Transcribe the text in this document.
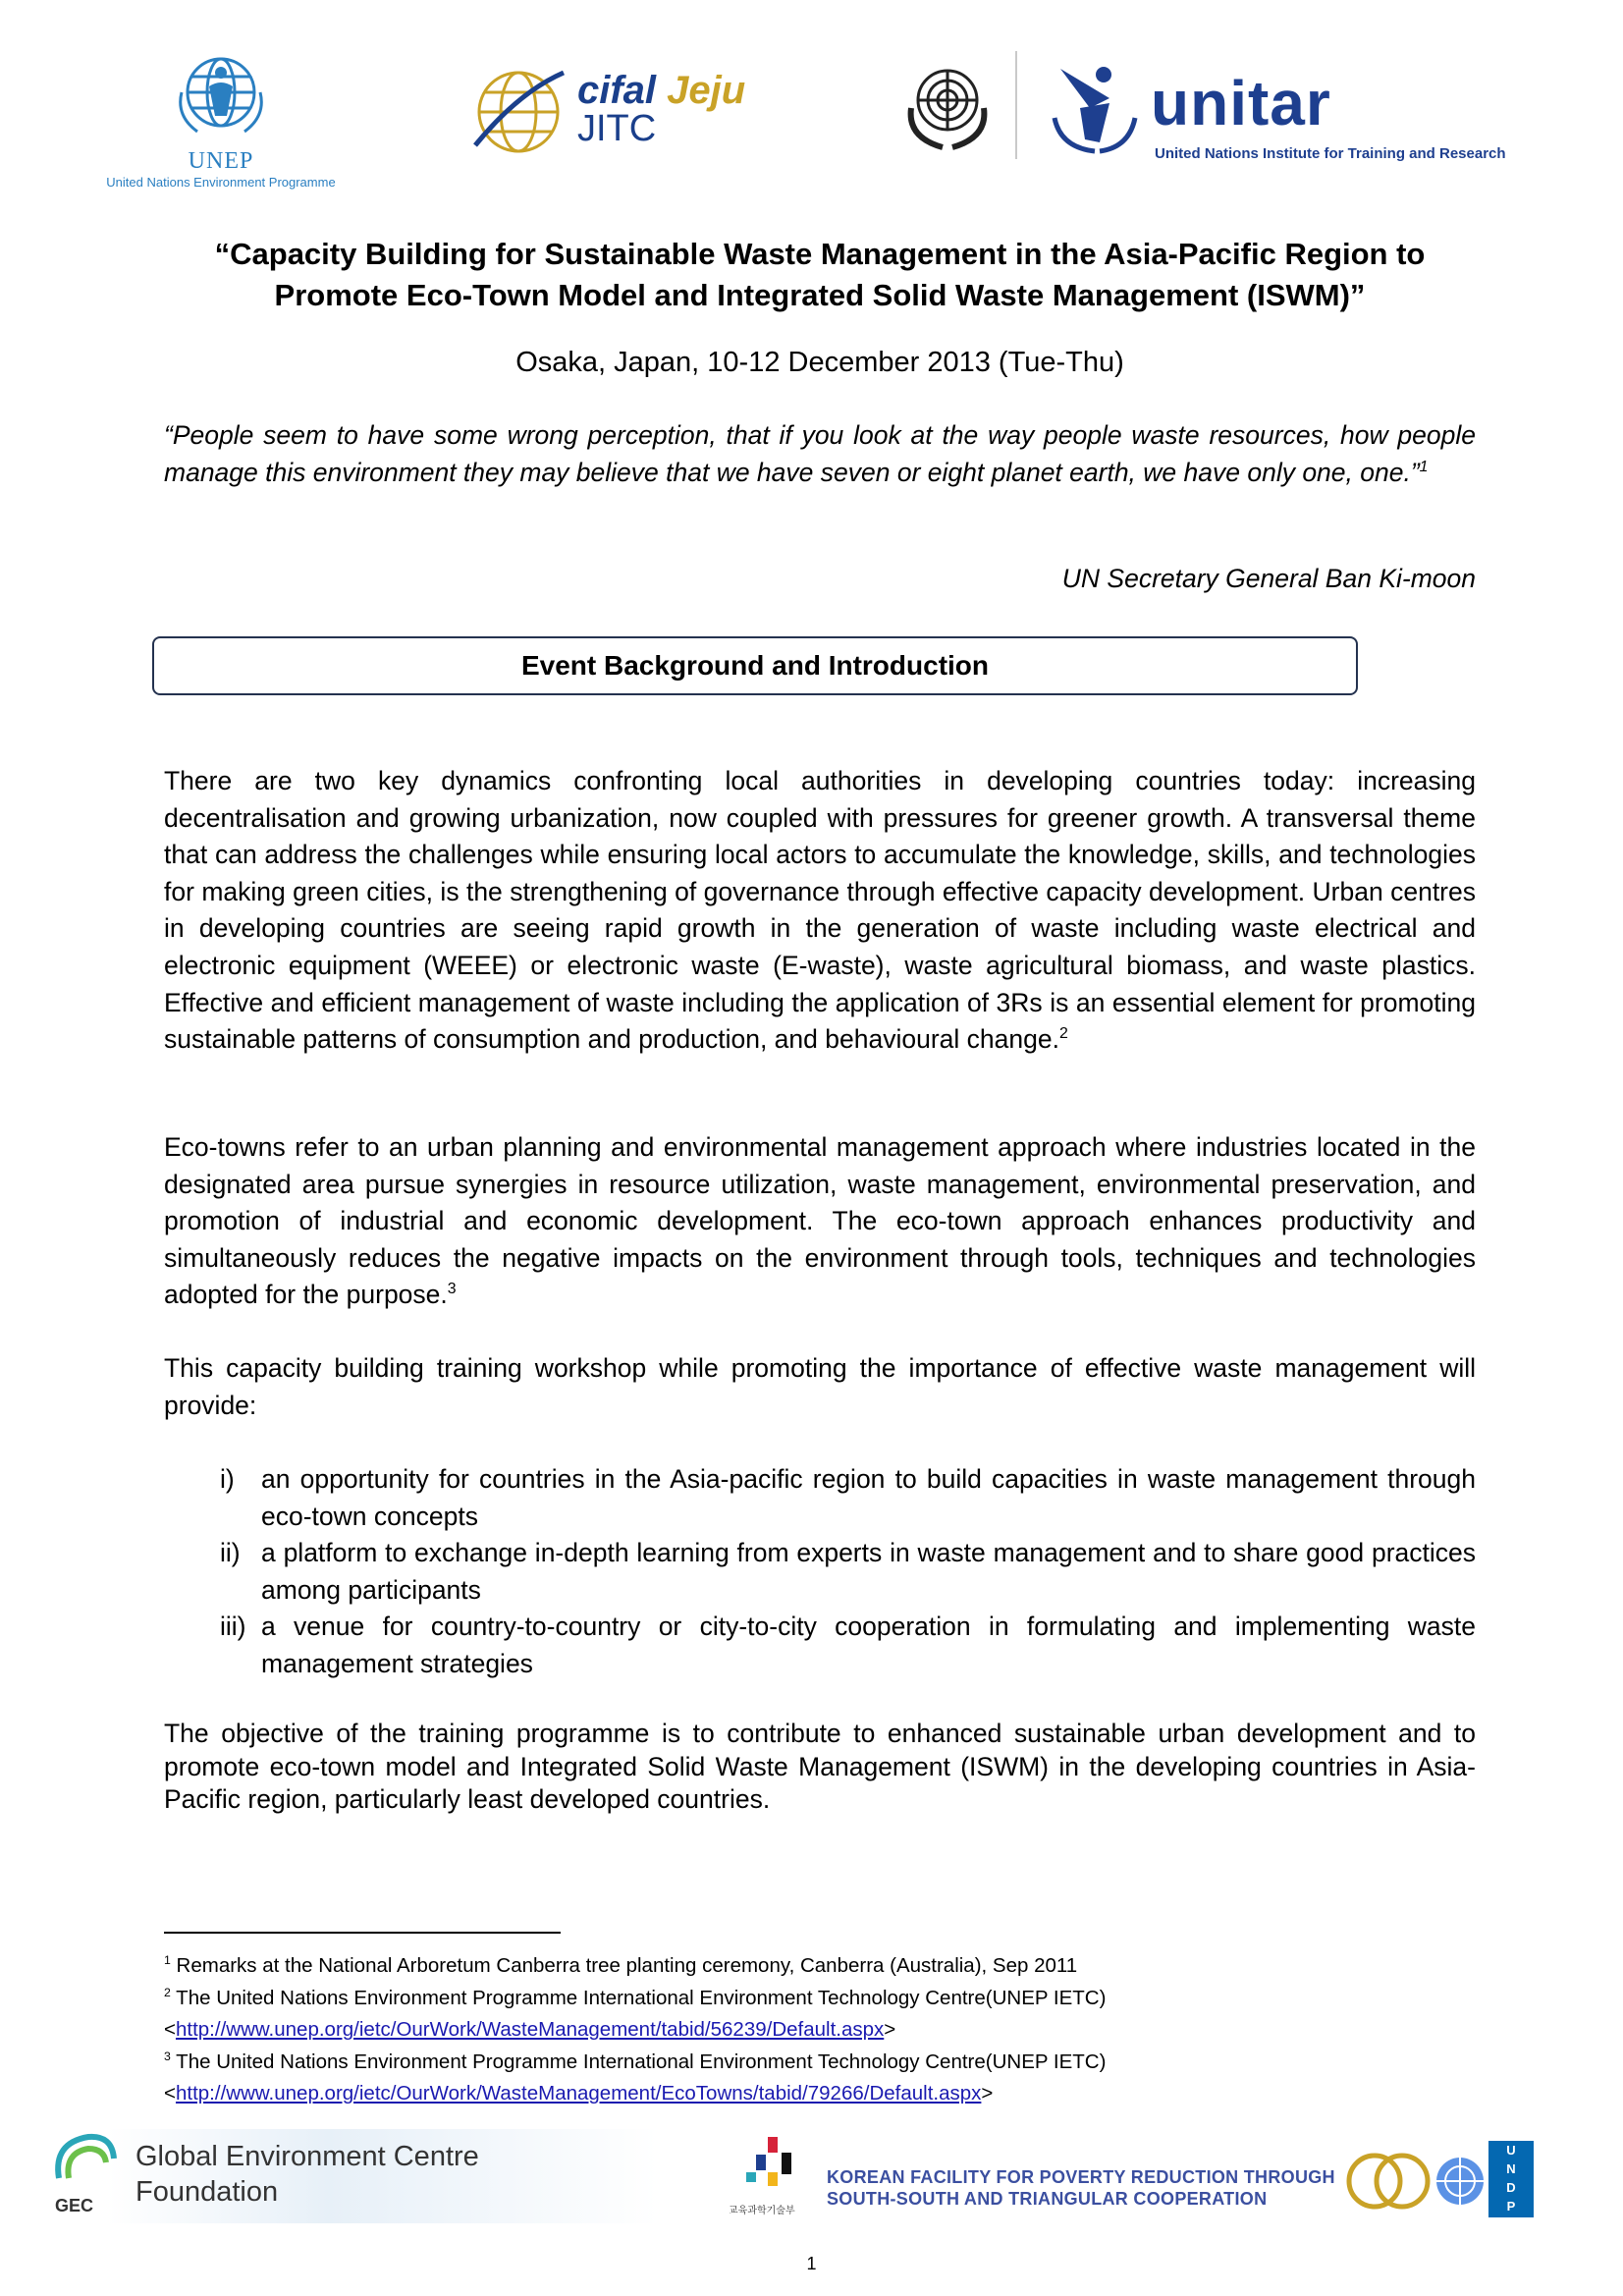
UNEP
United Nations Environment Programme
cifal Jeju
JITC	unitar
United Nations Institute for Training and Research
“Capacity Building for Sustainable Waste Management in the Asia-Pacific Region to Promote Eco-Town Model and Integrated Solid Waste Management (ISWM)”
Osaka, Japan, 10-12 December 2013 (Tue-Thu)
“People seem to have some wrong perception, that if you look at the way people waste resources, how people manage this environment they may believe that we have seven or eight planet earth, we have only one, one.”$^1$
UN Secretary General Ban Ki-moon
Event Background and Introduction

There are two key dynamics confronting local authorities in developing countries today: increasing decentralisation and growing urbanization, now coupled with pressures for greener growth. A transversal theme that can address the challenges while ensuring local actors to accumulate the knowledge, skills, and technologies for making green cities, is the strengthening of governance through effective capacity development. Urban centres in developing countries are seeing rapid growth in the generation of waste including waste electrical and electronic equipment (WEEE) or electronic waste (E-waste), waste agricultural biomass, and waste plastics. Effective and efficient management of waste including the application of 3Rs is an essential element for promoting sustainable patterns of consumption and production, and behavioural change.$^2$

Eco-towns refer to an urban planning and environmental management approach where industries located in the designated area pursue synergies in resource utilization, waste management, environmental preservation, and promotion of industrial and economic development. The eco-town approach enhances productivity and simultaneously reduces the negative impacts on the environment through tools, techniques and technologies adopted for the purpose.$^3$

This capacity building training workshop while promoting the importance of effective waste management will provide:

i) an opportunity for countries in the Asia-pacific region to build capacities in waste management through eco-town concepts
ii) a platform to exchange in-depth learning from experts in waste management and to share good practices among participants
iii) a venue for country-to-country or city-to-city cooperation in formulating and implementing waste management strategies

The objective of the training programme is to contribute to enhanced sustainable urban development and to promote eco-town model and Integrated Solid Waste Management (ISWM) in the developing countries in Asia-Pacific region, particularly least developed countries.

$^1$ Remarks at the National Arboretum Canberra tree planting ceremony, Canberra (Australia), Sep 2011
$^2$ The United Nations Environment Programme International Environment Technology Centre(UNEP IETC)
<http://www.unep.org/ietc/OurWork/WasteManagement/tabid/56239/Default.aspx>
$^3$ The United Nations Environment Programme International Environment Technology Centre(UNEP IETC)
<http://www.unep.org/ietc/OurWork/WasteManagement/EcoTowns/tabid/79266/Default.aspx>
GEC
Global Environment Centre
Foundation
교육과학기술부
KOREAN FACILITY FOR POVERTY REDUCTION THROUGH
SOUTH-SOUTH AND TRIANGULAR COOPERATION
U
N
D
P
1
